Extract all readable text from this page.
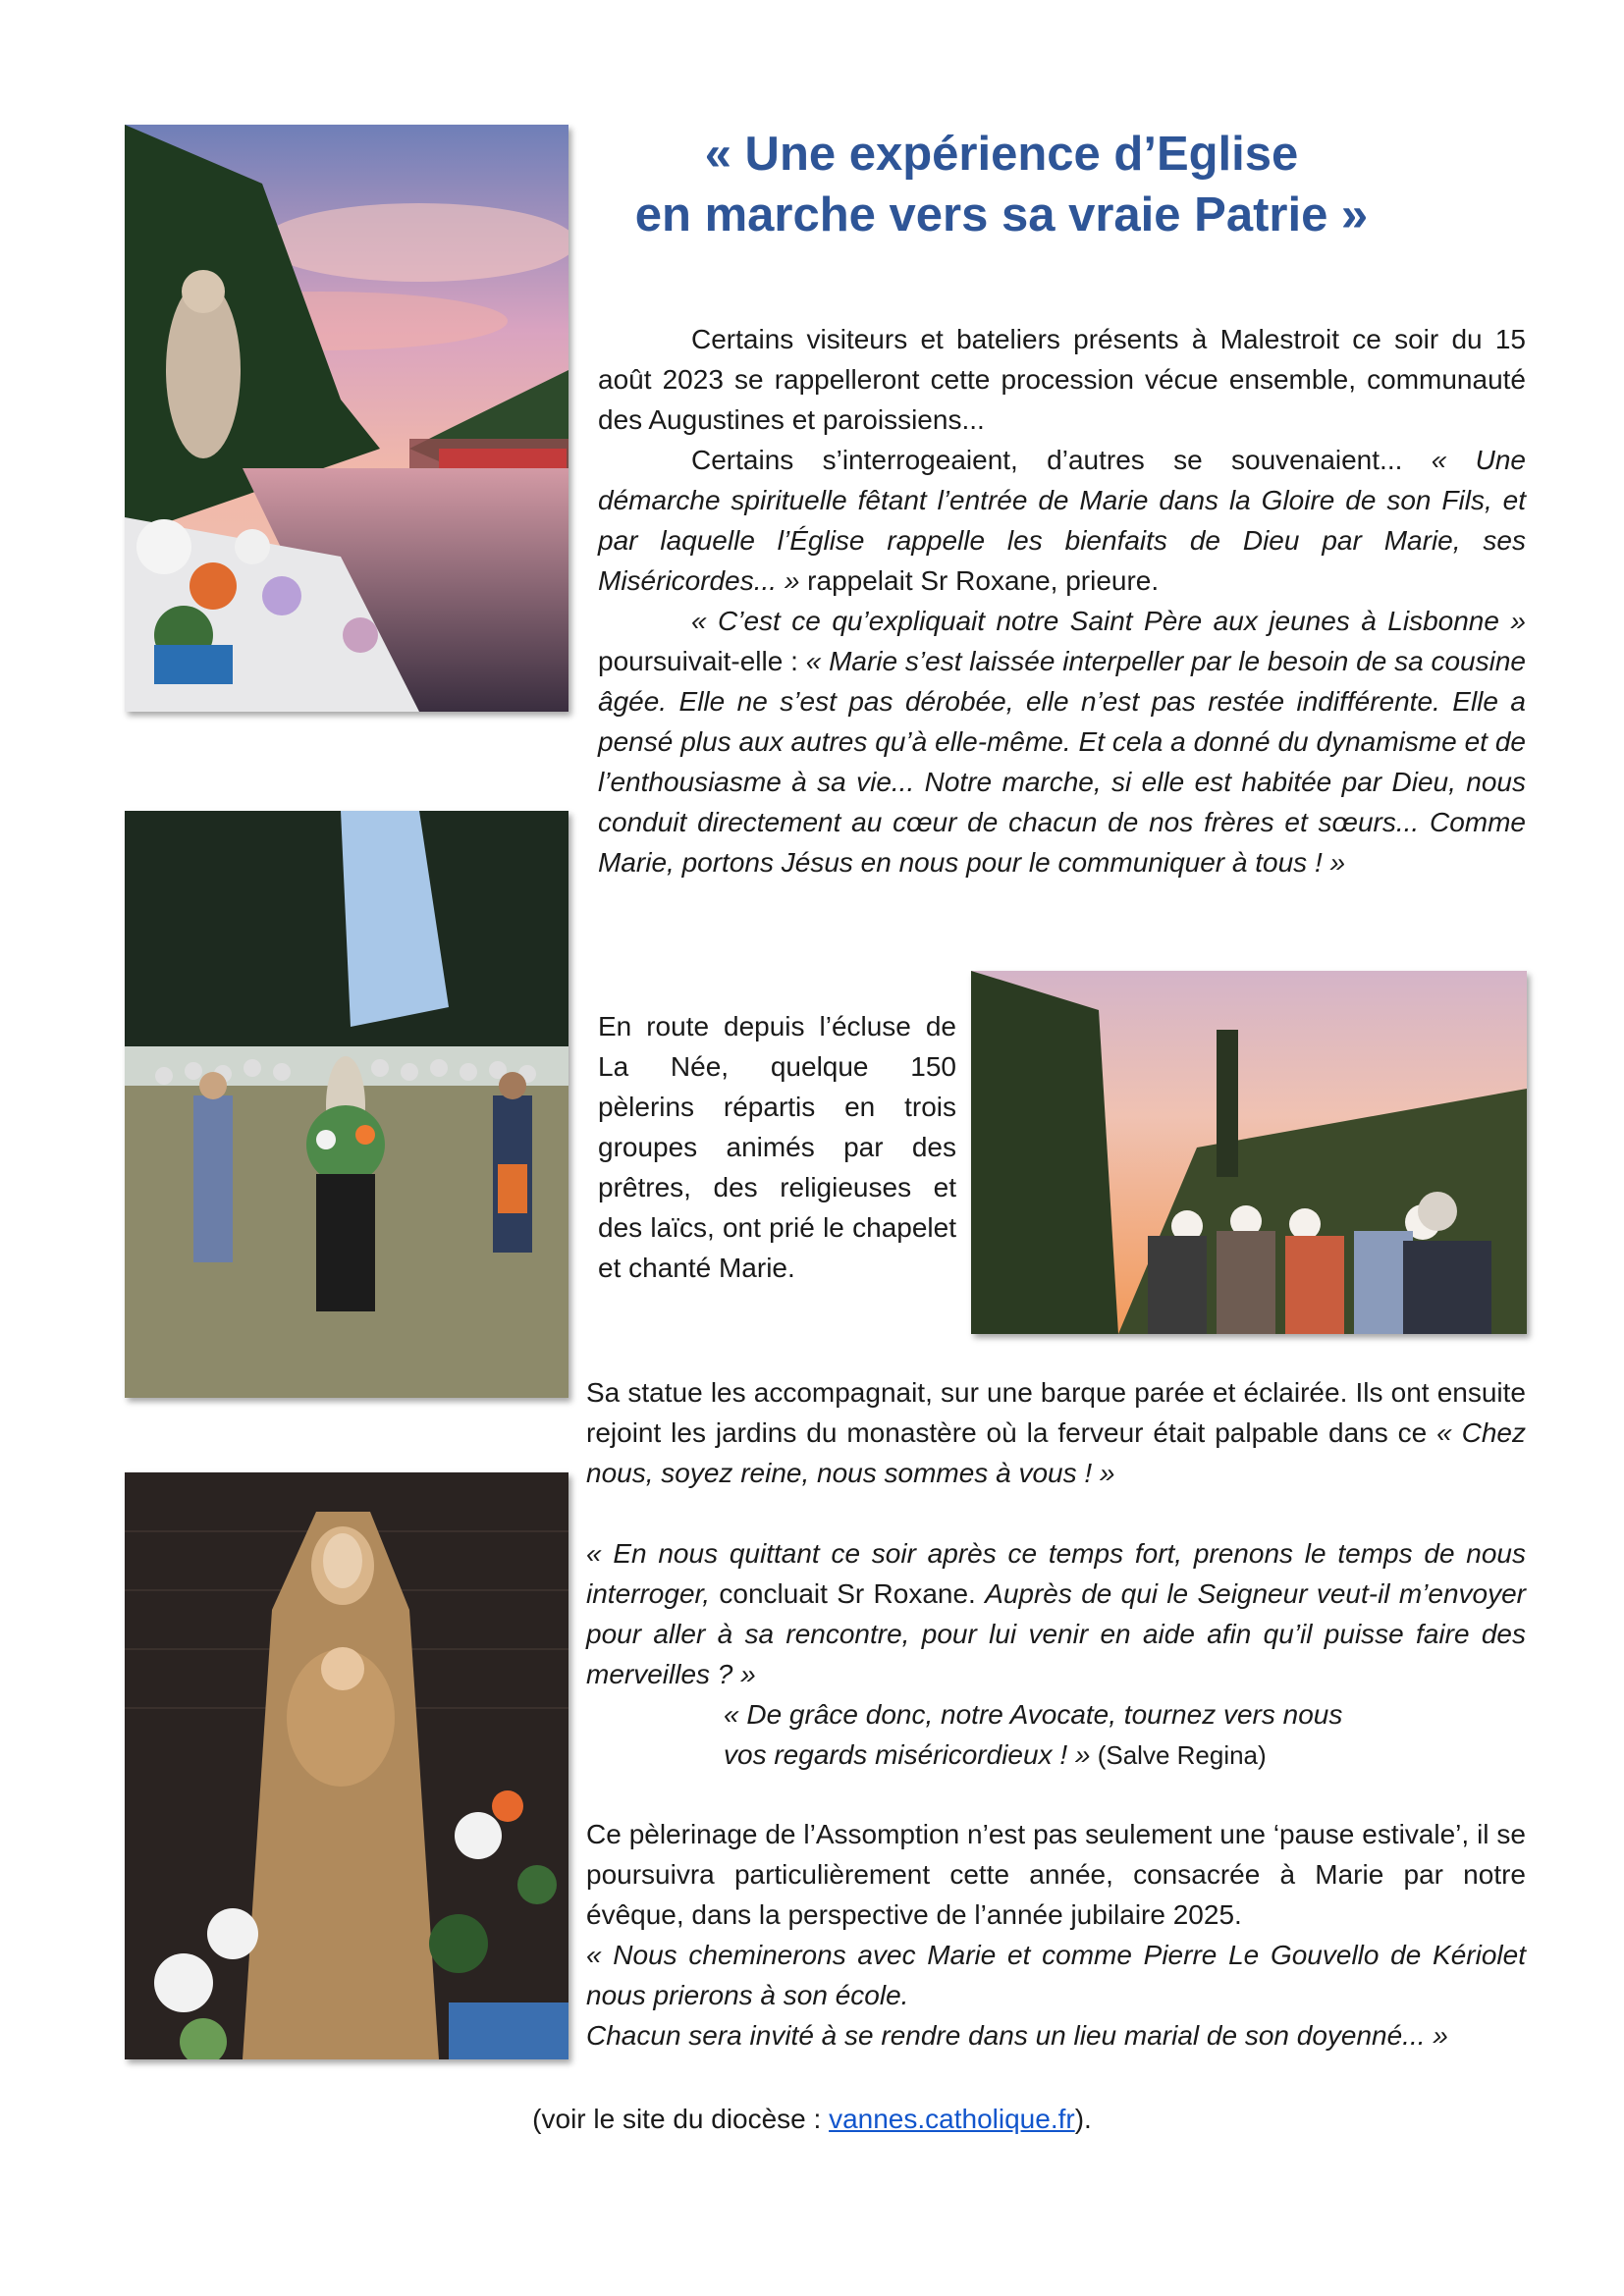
« Une expérience d’Eglise
en marche vers sa vraie Patrie »

Certains visiteurs et bateliers présents à Malestroit ce soir du 15 août 2023 se rappelleront cette procession vécue ensemble, communauté des Augustines et paroissiens...

Certains s’interrogeaient, d’autres se souvenaient... « Une démarche spirituelle fêtant l’entrée de Marie dans la Gloire de son Fils, et par laquelle l’Église rappelle les bienfaits de Dieu par Marie, ses Miséricordes... » rappelait Sr Roxane, prieure.

« C’est ce qu’expliquait notre Saint Père aux jeunes à Lisbonne » poursuivait-elle : « Marie s’est laissée interpeller par le besoin de sa cousine âgée. Elle ne s’est pas dérobée, elle n’est pas restée indifférente. Elle a pensé plus aux autres qu’à elle-même. Et cela a donné du dynamisme et de l’enthousiasme à sa vie... Notre marche, si elle est habitée par Dieu, nous conduit directement au cœur de chacun de nos frères et sœurs... Comme Marie, portons Jésus en nous pour le communiquer à tous ! »

En route depuis l’écluse de La Née, quelque 150 pèlerins répartis en trois groupes animés par des prêtres, des religieuses et des laïcs, ont prié le chapelet et chanté Marie.

Sa statue les accompagnait, sur une barque parée et éclairée. Ils ont ensuite rejoint les jardins du monastère où la ferveur était palpable dans ce « Chez nous, soyez reine, nous sommes à vous ! »

« En nous quittant ce soir après ce temps fort, prenons le temps de nous interroger, concluait Sr Roxane. Auprès de qui le Seigneur veut-il m’envoyer pour aller à sa rencontre, pour lui venir en aide afin qu’il puisse faire des merveilles ? »

« De grâce donc, notre Avocate, tournez vers nous

vos regards miséricordieux ! » (Salve Regina)

Ce pèlerinage de l’Assomption n’est pas seulement une ‘pause estivale’, il se poursuivra particulièrement cette année, consacrée à Marie par notre évêque, dans la perspective de l’année jubilaire 2025.

« Nous cheminerons avec Marie et comme Pierre Le Gouvello de Kériolet nous prierons à son école.

Chacun sera invité à se rendre dans un lieu marial de son doyenné... »

(voir le site du diocèse : vannes.catholique.fr).
